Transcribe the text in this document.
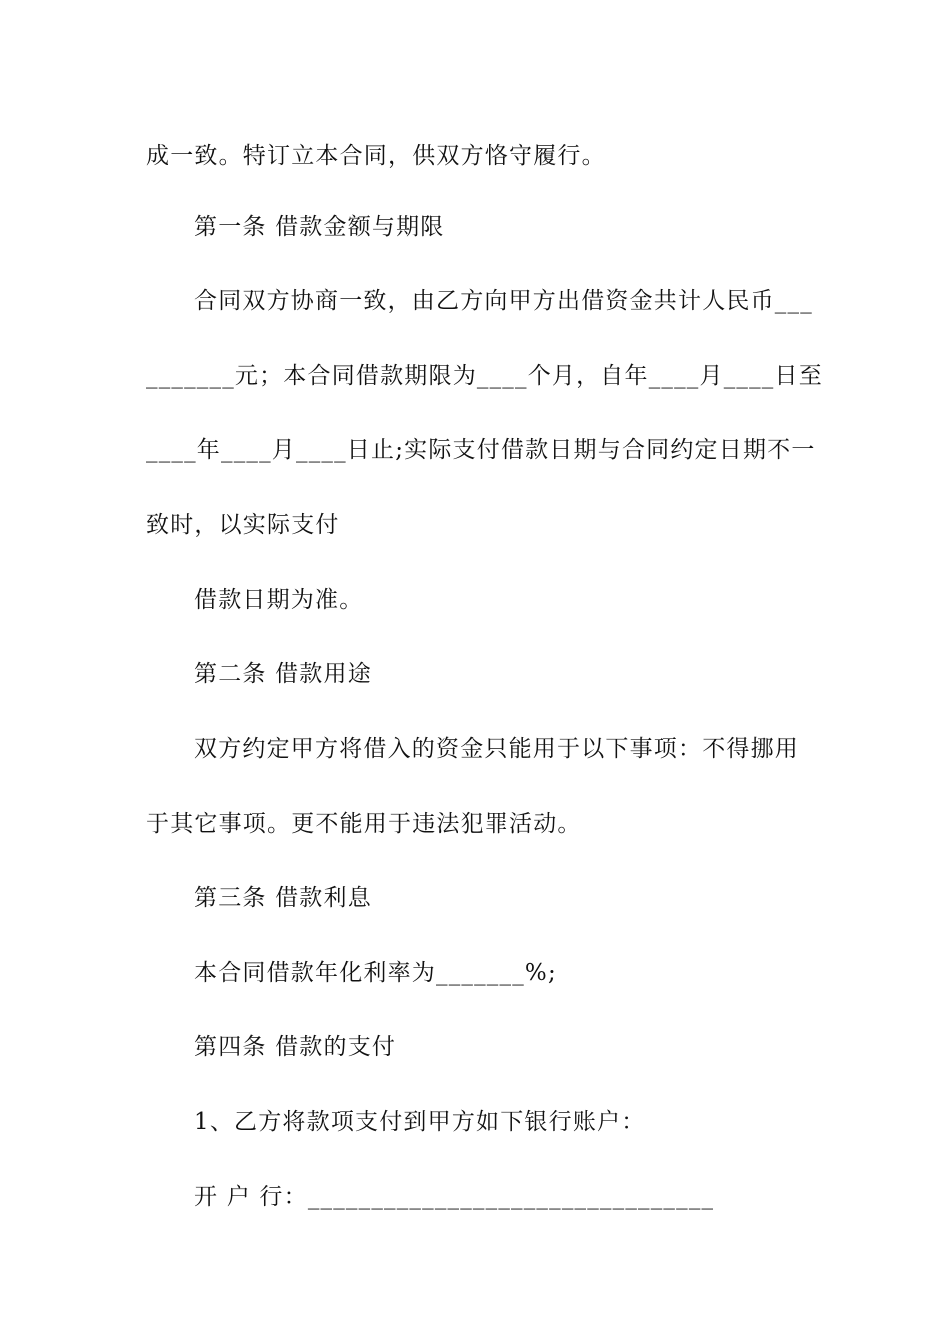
成一致。特订立本合同，供双方恪守履行。
第一条 借款金额与期限
合同双方协商一致，由乙方向甲方出借资金共计人民币___
_______元；本合同借款期限为____个月，自年____月____日至
____年____月____日止;实际支付借款日期与合同约定日期不一
致时，以实际支付
借款日期为准。
第二条 借款用途
双方约定甲方将借入的资金只能用于以下事项：不得挪用
于其它事项。更不能用于违法犯罪活动。
第三条 借款利息
本合同借款年化利率为_______%;
第四条 借款的支付
1、乙方将款项支付到甲方如下银行账户：
开 户 行：________________________________
